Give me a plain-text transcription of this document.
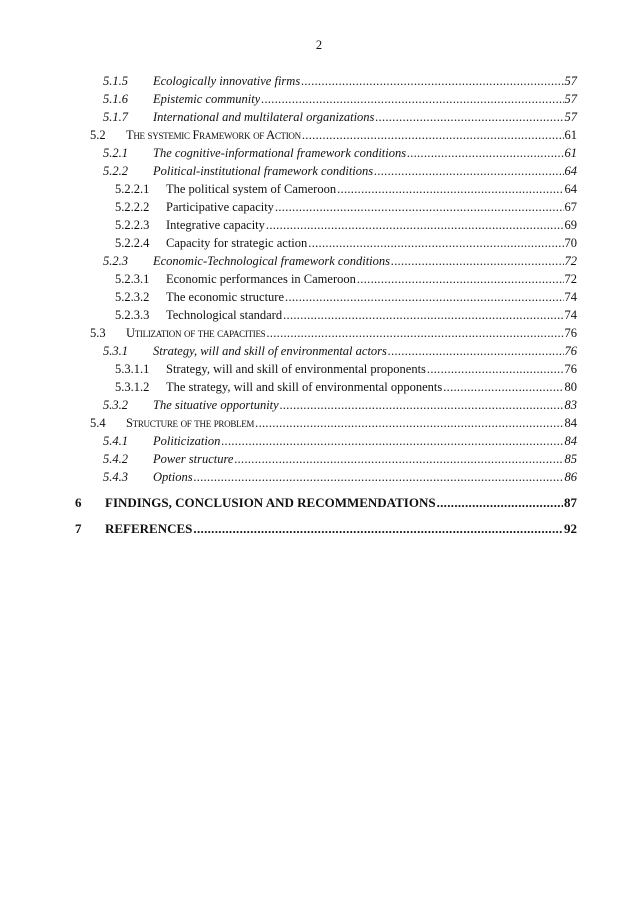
2
5.1.5	Ecologically innovative firms .....	57
5.1.6	Epistemic community .....	57
5.1.7	International and multilateral organizations .....	57
5.2	The systemic Framework of Action .....	61
5.2.1	The cognitive-informational framework conditions .....	61
5.2.2	Political-institutional framework conditions .....	64
5.2.2.1	The political system of Cameroon .....	64
5.2.2.2	Participative capacity .....	67
5.2.2.3	Integrative capacity .....	69
5.2.2.4	Capacity for strategic action .....	70
5.2.3	Economic-Technological framework conditions .....	72
5.2.3.1	Economic performances in Cameroon .....	72
5.2.3.2	The economic structure .....	74
5.2.3.3	Technological standard .....	74
5.3	Utilization of the capacities .....	76
5.3.1	Strategy, will and skill of environmental actors .....	76
5.3.1.1	Strategy, will and skill of environmental proponents .....	76
5.3.1.2	The strategy, will and skill of environmental opponents .....	80
5.3.2	The situative opportunity .....	83
5.4	Structure of the problem .....	84
5.4.1	Politicization .....	84
5.4.2	Power structure .....	85
5.4.3	Options .....	86
6	FINDINGS, CONCLUSION AND RECOMMENDATIONS .....	87
7	REFERENCES .....	92
